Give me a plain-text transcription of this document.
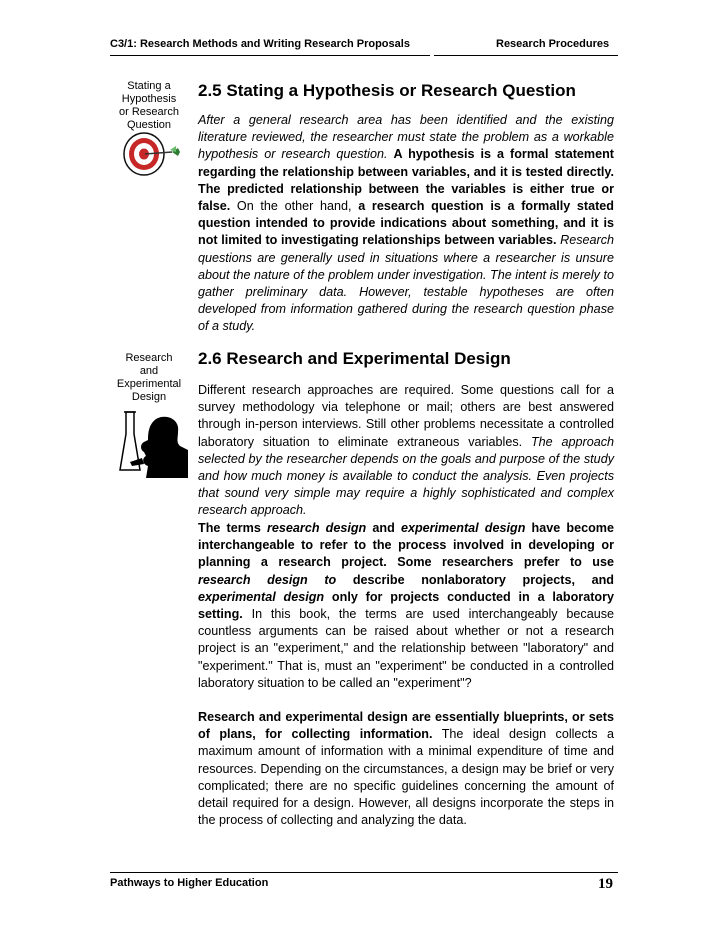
C3/1: Research Methods and Writing Research Proposals	Research Procedures
Stating a
Hypothesis
or Research
Question
2.5 Stating a Hypothesis or Research Question

After a general research area has been identified and the existing literature reviewed, the researcher must state the problem as a workable hypothesis or research question. A hypothesis is a formal statement regarding the relationship between variables, and it is tested directly. The predicted relationship between the variables is either true or false. On the other hand, a research question is a formally stated question intended to provide indications about something, and it is not limited to investigating relationships between variables. Research questions are generally used in situations where a researcher is unsure about the nature of the problem under investigation. The intent is merely to gather preliminary data. However, testable hypotheses are often developed from information gathered during the research question phase of a study.

Research
and
Experimental
Design
2.6 Research and Experimental Design

Different research approaches are required. Some questions call for a survey methodology via telephone or mail; others are best answered through in-person interviews. Still other problems necessitate a controlled laboratory situation to eliminate extraneous variables. The approach selected by the researcher depends on the goals and purpose of the study and how much money is available to conduct the analysis. Even projects that sound very simple may require a highly sophisticated and complex research approach.

The terms research design and experimental design have become interchangeable to refer to the process involved in developing or planning a research project. Some researchers prefer to use research design to describe nonlaboratory projects, and experimental design only for projects conducted in a laboratory setting. In this book, the terms are used interchangeably because countless arguments can be raised about whether or not a research project is an "experiment," and the relationship between "laboratory" and "experiment." That is, must an "experiment" be conducted in a controlled laboratory situation to be called an "experiment"?

Research and experimental design are essentially blueprints, or sets of plans, for collecting information. The ideal design collects a maximum amount of information with a minimal expenditure of time and resources. Depending on the circumstances, a design may be brief or very complicated; there are no specific guidelines concerning the amount of detail required for a design. However, all designs incorporate the steps in the process of collecting and analyzing the data.

Pathways to Higher Education	19
